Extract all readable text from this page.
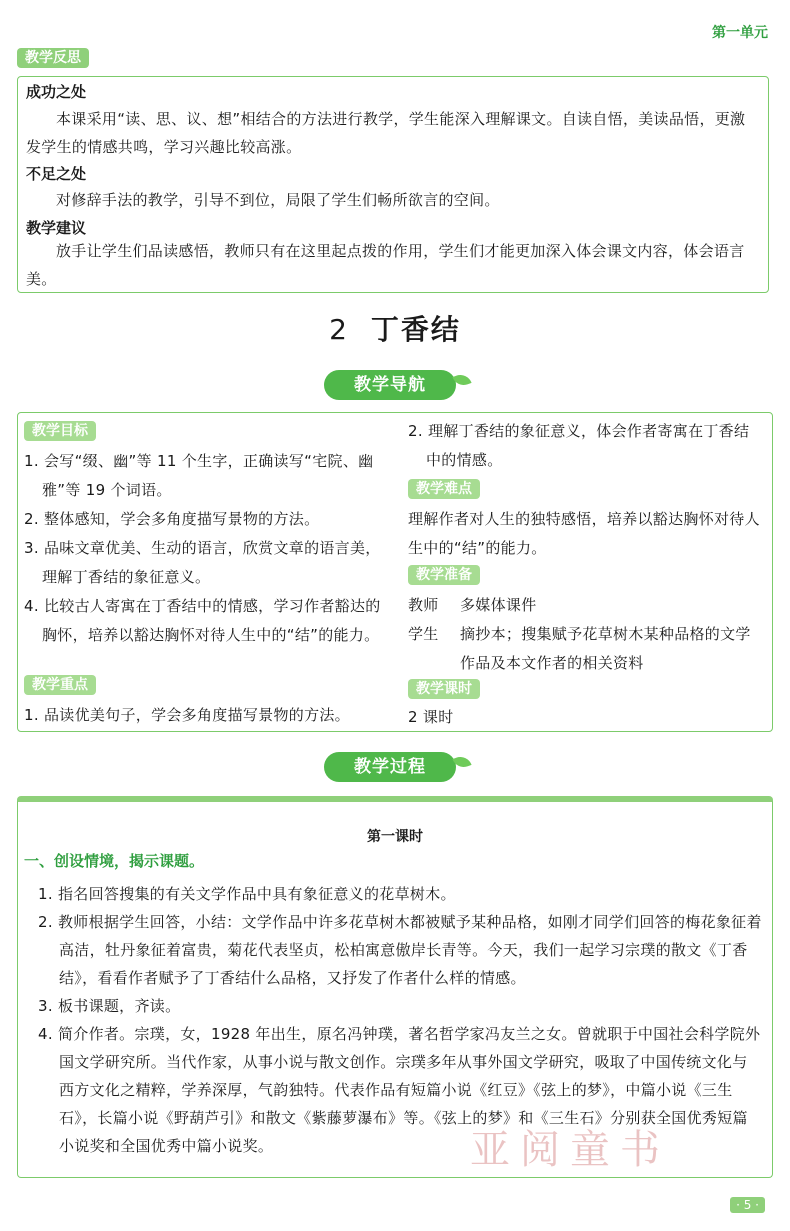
第一单元
教学反思
成功之处
本课采用“读、思、议、想”相结合的方法进行教学，学生能深入理解课文。自读自悟，美读品悟，更激发学生的情感共鸣，学习兴趣比较高涨。
不足之处
对修辞手法的教学，引导不到位，局限了学生们畅所欲言的空间。
教学建议
放手让学生们品读感悟，教师只有在这里起点拨的作用，学生们才能更加深入体会课文内容，体会语言美。
2 丁香结
教学导航
教学目标
1. 会写“缀、幽”等 11 个生字，正确读写“宅院、幽雅”等 19 个词语。
2. 整体感知，学会多角度描写景物的方法。
3. 品味文章优美、生动的语言，欣赏文章的语言美，理解丁香结的象征意义。
4. 比较古人寄寓在丁香结中的情感，学习作者豁达的胸怀，培养以豁达胸怀对待人生中的“结”的能力。
教学重点
1. 品读优美句子，学会多角度描写景物的方法。
2. 理解丁香结的象征意义，体会作者寄寓在丁香结中的情感。
教学难点
理解作者对人生的独特感悟，培养以豁达胸怀对待人生中的“结”的能力。
教学准备
教师	多媒体课件
学生	摘抄本；搜集赋予花草树木某种品格的文学作品及本文作者的相关资料
教学课时
2 课时
教学过程
第一课时
一、创设情境，揭示课题。
1. 指名回答搜集的有关文学作品中具有象征意义的花草树木。
2. 教师根据学生回答，小结：文学作品中许多花草树木都被赋予某种品格，如刚才同学们回答的梅花象征着高洁，牡丹象征着富贵，菊花代表坚贞，松柏寓意傲岸长青等。今天，我们一起学习宗璞的散文《丁香结》，看看作者赋予了丁香结什么品格，又抒发了作者什么样的情感。
3. 板书课题，齐读。
4. 简介作者。宗璞，女，1928 年出生，原名冯钟璞，著名哲学家冯友兰之女。曾就职于中国社会科学院外国文学研究所。当代作家，从事小说与散文创作。宗璞多年从事外国文学研究，吸取了中国传统文化与西方文化之精粹，学养深厚，气韵独特。代表作品有短篇小说《红豆》《弦上的梦》，中篇小说《三生石》，长篇小说《野葫芦引》和散文《紫藤萝瀑布》等。《弦上的梦》和《三生石》分别获全国优秀短篇小说奖和全国优秀中篇小说奖。	亚阅童书
· 5 ·
